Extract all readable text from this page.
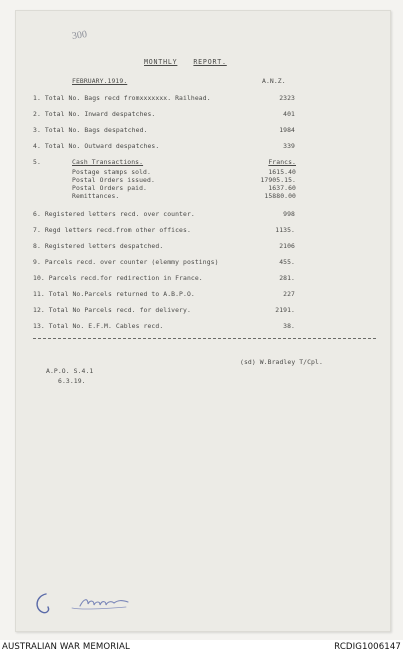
300
MONTHLY REPORT.
FEBRUARY.1919.	A.N.Z.
1. Total No. Bags recd fromxxxxxxx. Railhead.	2323
2. Total No. Inward despatches.	401
3. Total No. Bags despatched.	1984
4. Total No. Outward despatches.	339
5.	Cash Transactions.	Francs.
Postage stamps sold.	1615.40
Postal Orders issued.	17905.15.
Postal Orders paid.	1637.60
Remittances.	15880.00
6. Registered letters recd. over counter.	998
7. Regd letters recd.from other offices.	1135.
8. Registered letters despatched.	2106
9. Parcels recd. over counter (elemmy postings)	455.
10. Parcels recd.for redirection in France.	281.
11. Total No.Parcels returned to A.B.P.O.	227
12. Total No Parcels recd. for delivery.	2191.
13. Total No. E.F.M. Cables recd.	38.
(sd) W.Bradley T/Cpl.
A.P.O. S.4.1
6.3.19.
AUSTRALIAN WAR MEMORIAL	RCDIG1006147
